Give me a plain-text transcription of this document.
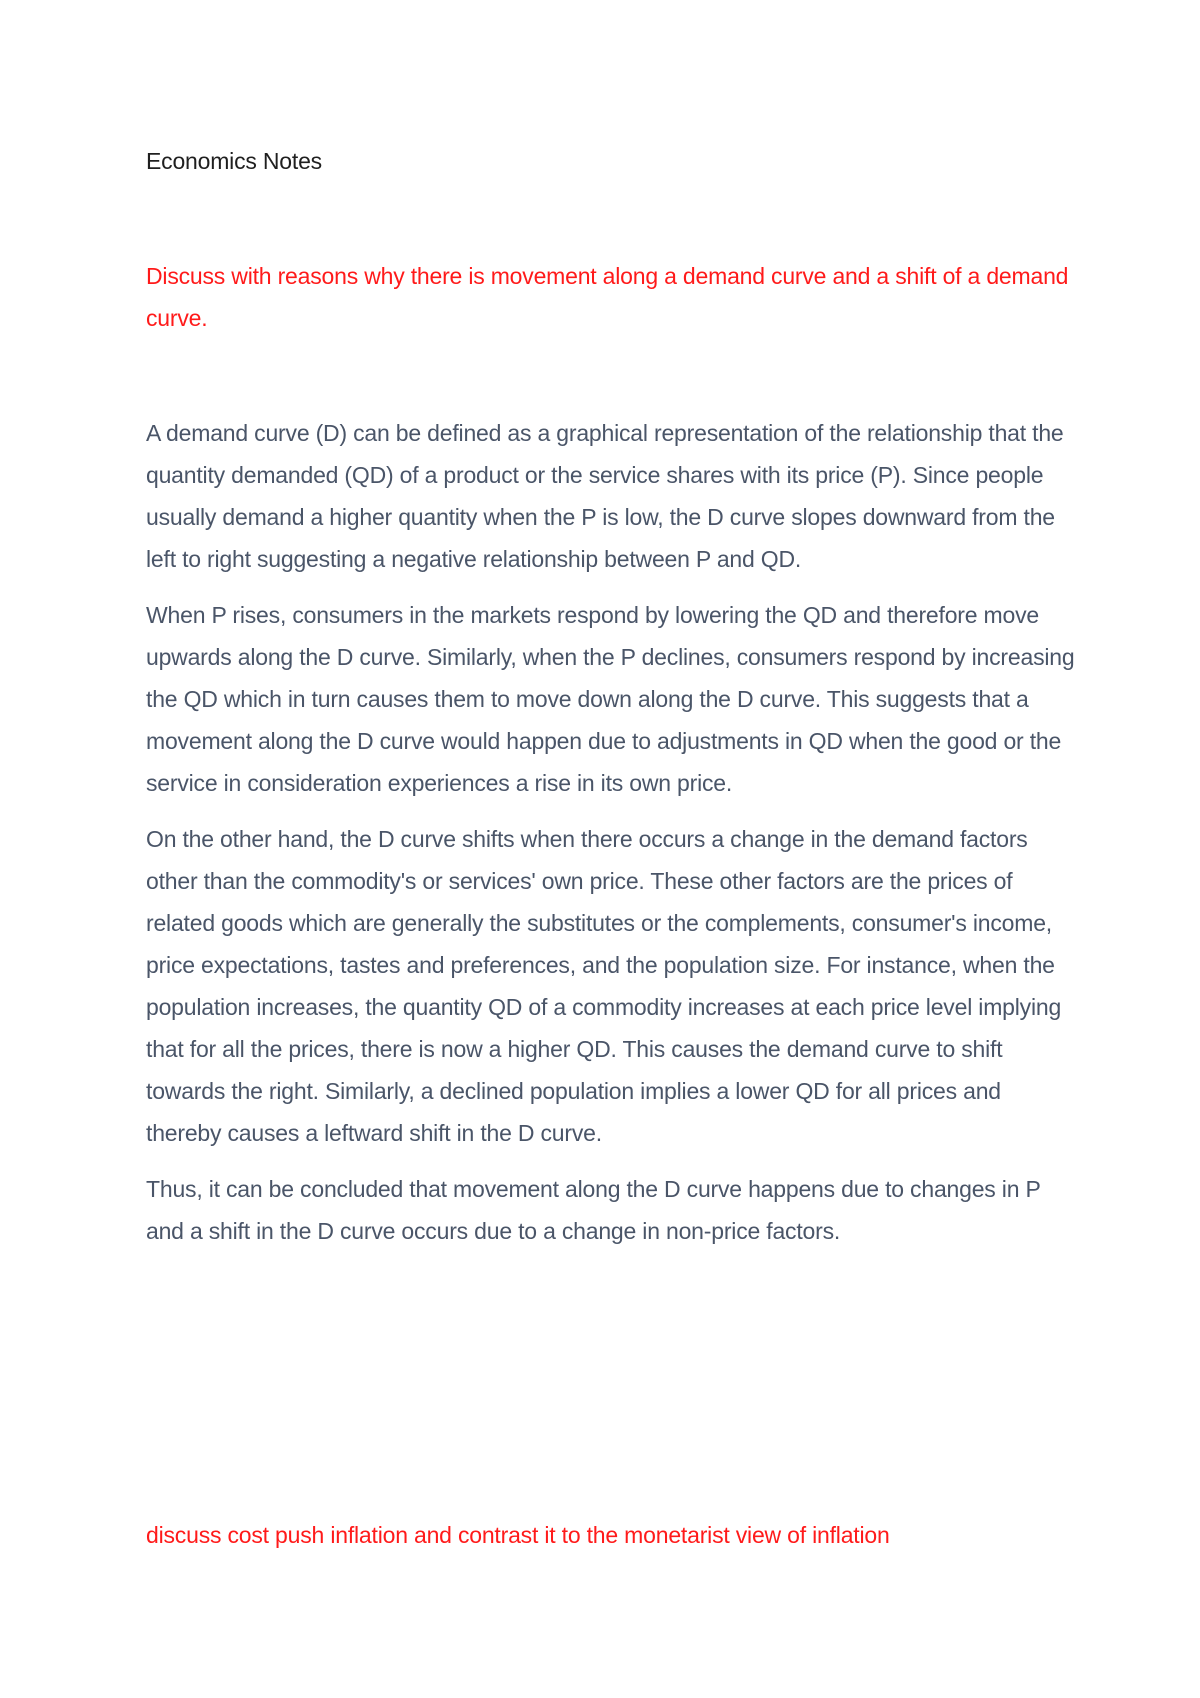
Economics Notes

Discuss with reasons why there is movement along a demand curve and a shift of a demand curve.

A demand curve (D) can be defined as a graphical representation of the relationship that the quantity demanded (QD) of a product or the service shares with its price (P). Since people usually demand a higher quantity when the P is low, the D curve slopes downward from the left to right suggesting a negative relationship between P and QD.

When P rises, consumers in the markets respond by lowering the QD and therefore move upwards along the D curve. Similarly, when the P declines, consumers respond by increasing the QD which in turn causes them to move down along the D curve. This suggests that a movement along the D curve would happen due to adjustments in QD when the good or the service in consideration experiences a rise in its own price.

On the other hand, the D curve shifts when there occurs a change in the demand factors other than the commodity's or services' own price. These other factors are the prices of related goods which are generally the substitutes or the complements, consumer's income, price expectations, tastes and preferences, and the population size. For instance, when the population increases, the quantity QD of a commodity increases at each price level implying that for all the prices, there is now a higher QD. This causes the demand curve to shift towards the right. Similarly, a declined population implies a lower QD for all prices and thereby causes a leftward shift in the D curve.

Thus, it can be concluded that movement along the D curve happens due to changes in P and a shift in the D curve occurs due to a change in non-price factors.

discuss cost push inflation and contrast it to the monetarist view of inflation
